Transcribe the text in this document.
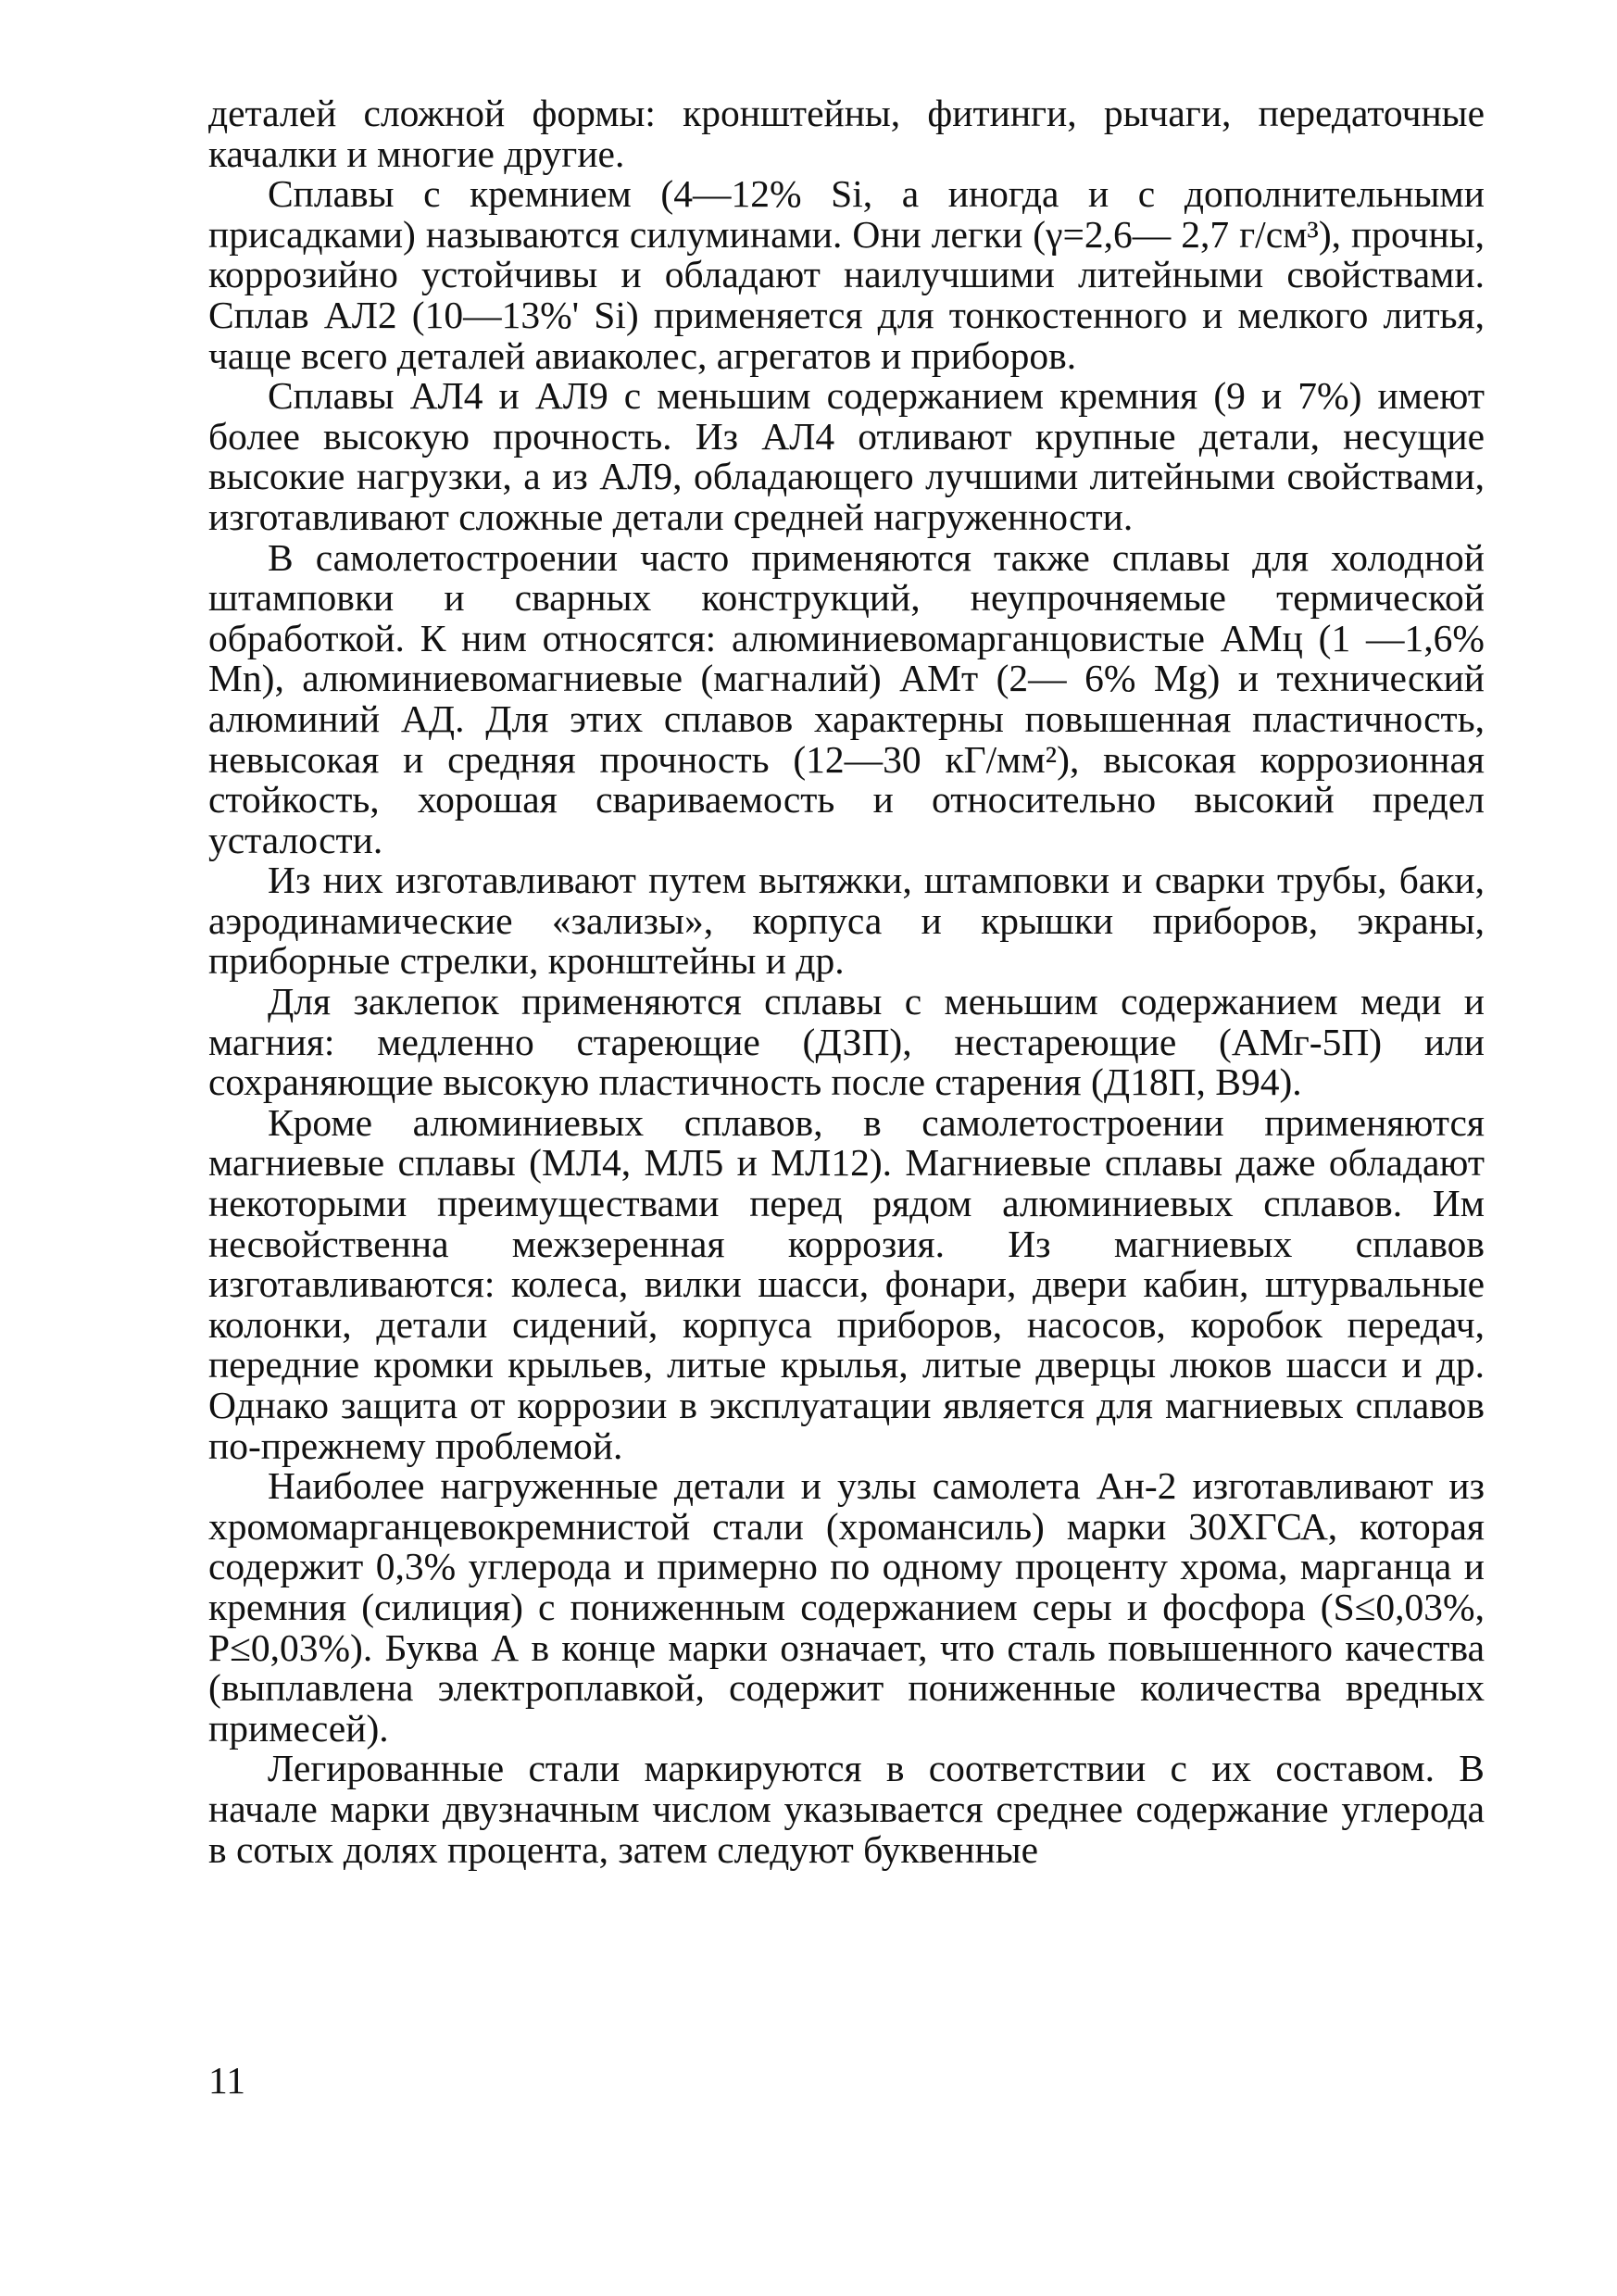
деталей сложной формы: кронштейны, фитинги, рычаги, передаточные качалки и многие другие.

Сплавы с кремнием (4—12% Si, а иногда и с дополнительными присадками) называются силуминами. Они легки (γ=2,6— 2,7 г/см³), прочны, коррозийно устойчивы и обладают наилучшими литейными свойствами. Сплав АЛ2 (10—13%' Si) применяется для тонкостенного и мелкого литья, чаще всего деталей авиаколес, агрегатов и приборов.

Сплавы АЛ4 и АЛ9 с меньшим содержанием кремния (9 и 7%) имеют более высокую прочность. Из АЛ4 отливают крупные детали, несущие высокие нагрузки, а из АЛ9, обладающего лучшими литейными свойствами, изготавливают сложные детали средней нагруженности.

В самолетостроении часто применяются также сплавы для холодной штамповки и сварных конструкций, неупрочняемые термической обработкой. К ним относятся: алюминиевомарганцовистые АМц (1 —1,6% Mn), алюминиевомагниевые (магналий) АМт (2— 6% Mg) и технический алюминий АД. Для этих сплавов характерны повышенная пластичность, невысокая и средняя прочность (12—30 кГ/мм²), высокая коррозионная стойкость, хорошая свариваемость и относительно высокий предел усталости.

Из них изготавливают путем вытяжки, штамповки и сварки трубы, баки, аэродинамические «зализы», корпуса и крышки приборов, экраны, приборные стрелки, кронштейны и др.

Для заклепок применяются сплавы с меньшим содержанием меди и магния: медленно стареющие (ДЗП), нестареющие (АМг-5П) или сохраняющие высокую пластичность после старения (Д18П, В94).

Кроме алюминиевых сплавов, в самолетостроении применяются магниевые сплавы (МЛ4, МЛ5 и МЛ12). Магниевые сплавы даже обладают некоторыми преимуществами перед рядом алюминиевых сплавов. Им несвойственна межзеренная коррозия. Из магниевых сплавов изготавливаются: колеса, вилки шасси, фонари, двери кабин, штурвальные колонки, детали сидений, корпуса приборов, насосов, коробок передач, передние кромки крыльев, литые крылья, литые дверцы люков шасси и др. Однако защита от коррозии в эксплуатации является для магниевых сплавов по-прежнему проблемой.

Наиболее нагруженные детали и узлы самолета Ан-2 изготавливают из хромомарганцевокремнистой стали (хромансиль) марки 30ХГСА, которая содержит 0,3% углерода и примерно по одному проценту хрома, марганца и кремния (силиция) с пониженным содержанием серы и фосфора (S≤0,03%, Р≤0,03%). Буква А в конце марки означает, что сталь повышенного качества (выплавлена электроплавкой, содержит пониженные количества вредных примесей).

Легированные стали маркируются в соответствии с их составом. В начале марки двузначным числом указывается среднее содержание углерода в сотых долях процента, затем следуют буквенные

11
